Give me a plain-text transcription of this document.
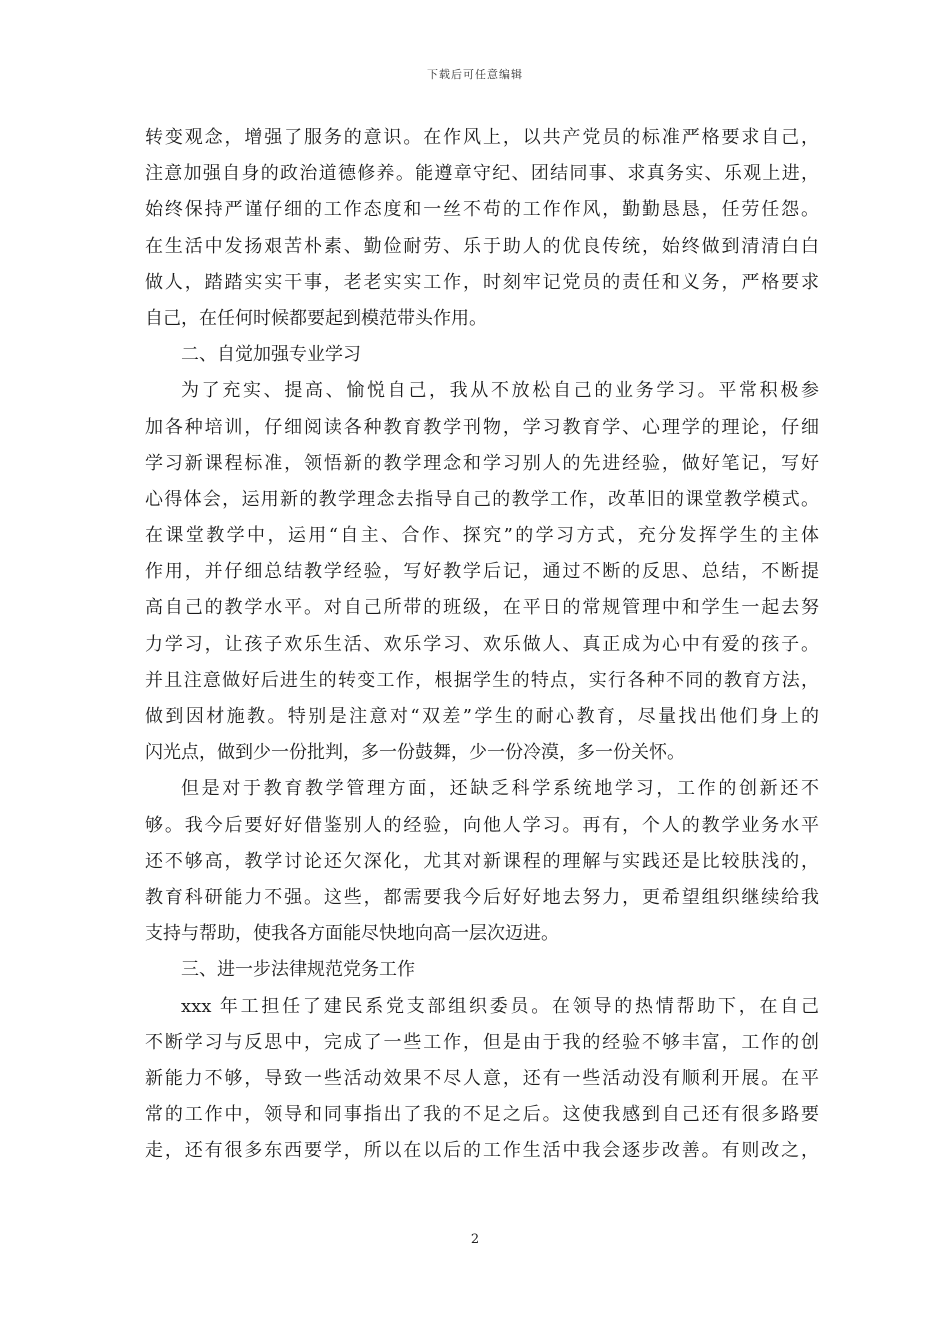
下载后可任意编辑
转变观念，增强了服务的意识。在作风上，以共产党员的标准严格要求自己，
注意加强自身的政治道德修养。能遵章守纪、团结同事、求真务实、乐观上进，
始终保持严谨仔细的工作态度和一丝不苟的工作作风，勤勤恳恳，任劳任怨。
在生活中发扬艰苦朴素、勤俭耐劳、乐于助人的优良传统，始终做到清清白白
做人，踏踏实实干事，老老实实工作，时刻牢记党员的责任和义务，严格要求
自己，在任何时候都要起到模范带头作用。
二、自觉加强专业学习
为了充实、提高、愉悦自己，我从不放松自己的业务学习。平常积极参
加各种培训，仔细阅读各种教育教学刊物，学习教育学、心理学的理论，仔细
学习新课程标准，领悟新的教学理念和学习别人的先进经验，做好笔记，写好
心得体会，运用新的教学理念去指导自己的教学工作，改革旧的课堂教学模式。
在课堂教学中，运用“自主、合作、探究”的学习方式，充分发挥学生的主体
作用，并仔细总结教学经验，写好教学后记，通过不断的反思、总结，不断提
高自己的教学水平。对自己所带的班级，在平日的常规管理中和学生一起去努
力学习，让孩子欢乐生活、欢乐学习、欢乐做人、真正成为心中有爱的孩子。
并且注意做好后进生的转变工作，根据学生的特点，实行各种不同的教育方法，
做到因材施教。特别是注意对“双差”学生的耐心教育，尽量找出他们身上的
闪光点，做到少一份批判，多一份鼓舞，少一份冷漠，多一份关怀。
但是对于教育教学管理方面，还缺乏科学系统地学习，工作的创新还不
够。我今后要好好借鉴别人的经验，向他人学习。再有，个人的教学业务水平
还不够高，教学讨论还欠深化，尤其对新课程的理解与实践还是比较肤浅的，
教育科研能力不强。这些，都需要我今后好好地去努力，更希望组织继续给我
支持与帮助，使我各方面能尽快地向高一层次迈进。
三、进一步法律规范党务工作
xxx 年工担任了建民系党支部组织委员。在领导的热情帮助下，在自己
不断学习与反思中，完成了一些工作，但是由于我的经验不够丰富，工作的创
新能力不够，导致一些活动效果不尽人意，还有一些活动没有顺利开展。在平
常的工作中，领导和同事指出了我的不足之后。这使我感到自己还有很多路要
走，还有很多东西要学，所以在以后的工作生活中我会逐步改善。有则改之，
2
